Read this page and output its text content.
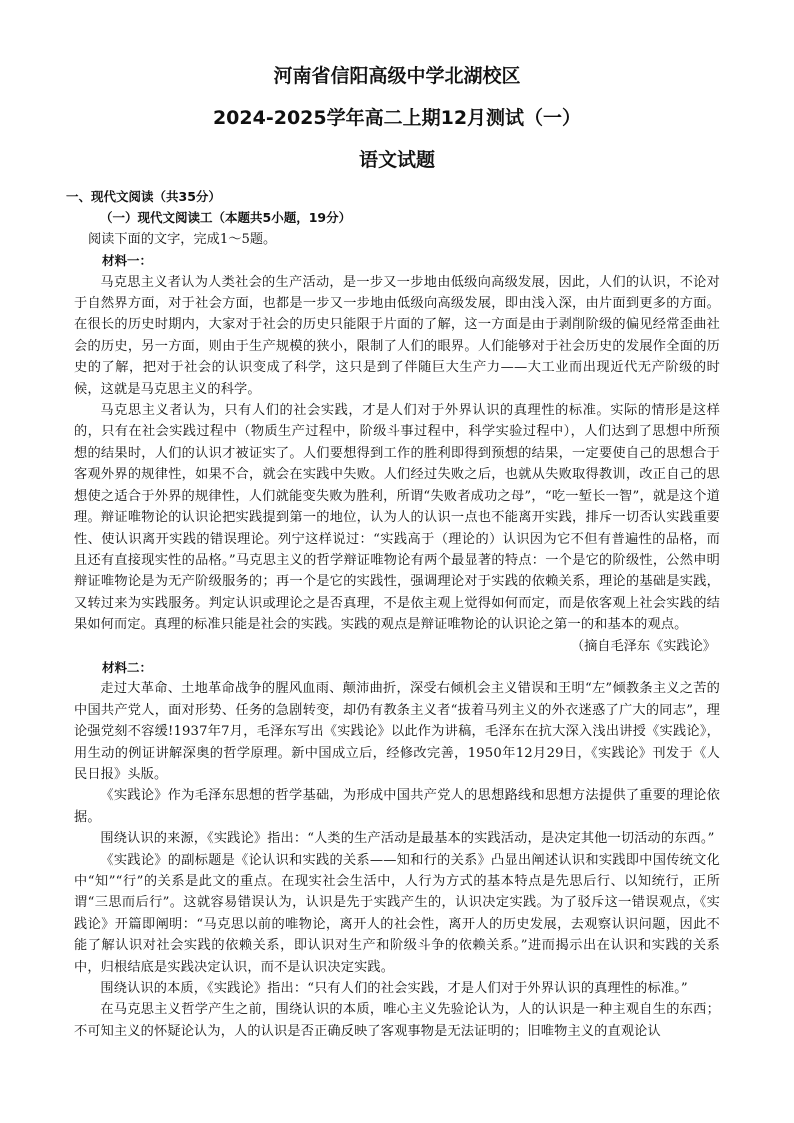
河南省信阳高级中学北湖校区
2024-2025学年高二上期12月测试（一）
语文试题

一、现代文阅读（共35分）

（一）现代文阅读工（本题共5小题，19分）

阅读下面的文字，完成1～5题。

材料一：

马克思主义者认为人类社会的生产活动，是一步又一步地由低级向高级发展，因此，人们的认识，不论对于自然界方面，对于社会方面，也都是一步又一步地由低级向高级发展，即由浅入深，由片面到更多的方面。在很长的历史时期内，大家对于社会的历史只能限于片面的了解，这一方面是由于剥削阶级的偏见经常歪曲社会的历史，另一方面，则由于生产规模的狭小，限制了人们的眼界。人们能够对于社会历史的发展作全面的历史的了解，把对于社会的认识变成了科学，这只是到了伴随巨大生产力——大工业而出现近代无产阶级的时候，这就是马克思主义的科学。

马克思主义者认为，只有人们的社会实践，才是人们对于外界认识的真理性的标准。实际的情形是这样的，只有在社会实践过程中（物质生产过程中，阶级斗事过程中，科学实验过程中），人们达到了思想中所预想的结果时，人们的认识才被证实了。人们要想得到工作的胜利即得到预想的结果，一定要使自己的思想合于客观外界的规律性，如果不合，就会在实践中失败。人们经过失败之后，也就从失败取得教训，改正自己的思想使之适合于外界的规律性，人们就能变失败为胜利，所谓“失败者成功之母”，“吃一堑长一智”，就是这个道理。辩证唯物论的认识论把实践提到第一的地位，认为人的认识一点也不能离开实践，排斥一切否认实践重要性、使认识离开实践的错误理论。列宁这样说过：“实践高于（理论的）认识因为它不但有普遍性的品格，而且还有直接现实性的品格。”马克思主义的哲学辩证唯物论有两个最显著的特点：一个是它的阶级性，公然申明辩证唯物论是为无产阶级服务的；再一个是它的实践性，强调理论对于实践的依赖关系，理论的基础是实践，又转过来为实践服务。判定认识或理论之是否真理，不是依主观上觉得如何而定，而是依客观上社会实践的结果如何而定。真理的标准只能是社会的实践。实践的观点是辩证唯物论的认识论之第一的和基本的观点。

（摘自毛泽东《实践论》

材料二：

走过大革命、土地革命战争的腥风血雨、颠沛曲折，深受右倾机会主义错误和王明“左”倾教条主义之苦的中国共产党人，面对形势、任务的急剧转变，却仍有教条主义者“拔着马列主义的外衣迷惑了广大的同志”，理论强党刻不容缓!1937年7月，毛泽东写出《实践论》以此作为讲稿，毛泽东在抗大深入浅出讲授《实践论》，用生动的例证讲解深奥的哲学原理。新中国成立后，经修改完善，1950年12月29日，《实践论》刊发于《人民日报》头版。

《实践论》作为毛泽东思想的哲学基础，为形成中国共产党人的思想路线和思想方法提供了重要的理论依据。

围绕认识的来源，《实践论》指出：“人类的生产活动是最基本的实践活动，是决定其他一切活动的东西。”

《实践论》的副标题是《论认识和实践的关系——知和行的关系》凸显出阐述认识和实践即中国传统文化中“知”“行”的关系是此文的重点。在现实社会生活中，人行为方式的基本特点是先思后行、以知统行，正所谓“三思而后行”。这就容易错误认为，认识是先于实践产生的，认识决定实践。为了驳斥这一错误观点，《实践论》开篇即阐明：“马克思以前的唯物论，离开人的社会性，离开人的历史发展，去观察认识问题，因此不能了解认识对社会实践的依赖关系，即认识对生产和阶级斗争的依赖关系。”进而揭示出在认识和实践的关系中，归根结底是实践决定认识，而不是认识决定实践。

围绕认识的本质，《实践论》指出：“只有人们的社会实践，才是人们对于外界认识的真理性的标准。”

在马克思主义哲学产生之前，围绕认识的本质，唯心主义先验论认为，人的认识是一种主观自生的东西；不可知主义的怀疑论认为，人的认识是否正确反映了客观事物是无法证明的；旧唯物主义的直观论认
